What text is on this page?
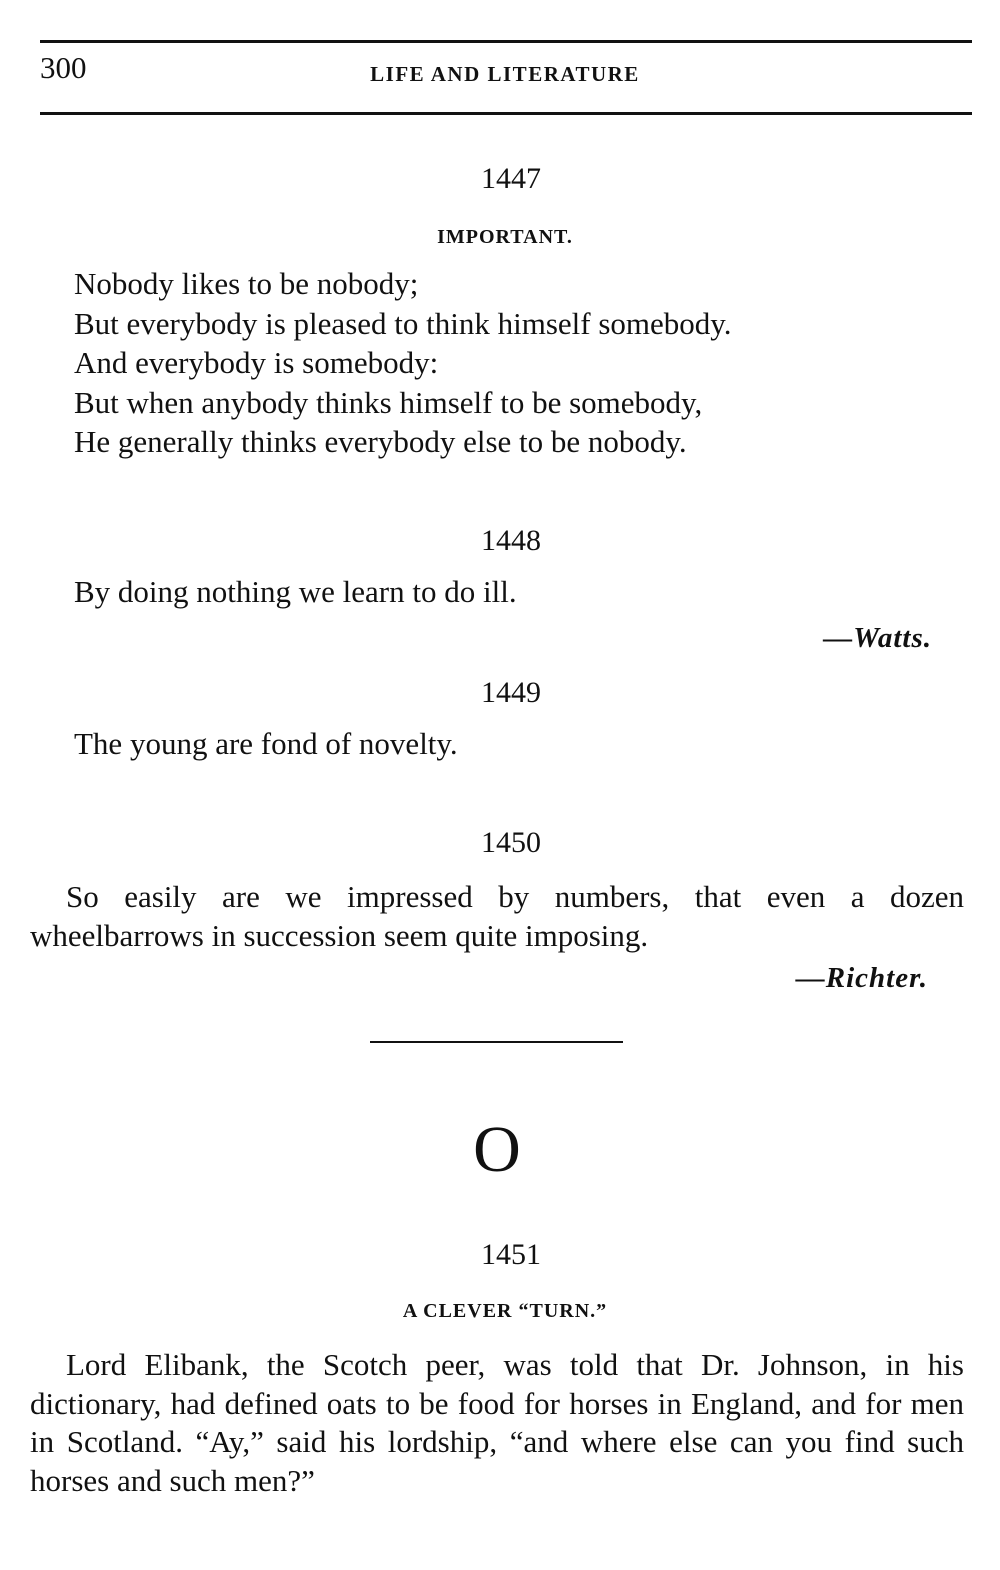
300	LIFE AND LITERATURE
1447
IMPORTANT.
Nobody likes to be nobody;
But everybody is pleased to think himself somebody.
And everybody is somebody:
But when anybody thinks himself to be somebody,
He generally thinks everybody else to be nobody.
1448
By doing nothing we learn to do ill.
—Watts.
1449
The young are fond of novelty.
1450
So easily are we impressed by numbers, that even a dozen wheelbarrows in succession seem quite imposing.
—Richter.
O
1451
A CLEVER “TURN.”
Lord Elibank, the Scotch peer, was told that Dr. Johnson, in his dictionary, had defined oats to be food for horses in England, and for men in Scotland. “Ay,” said his lordship, “and where else can you find such horses and such men?”
